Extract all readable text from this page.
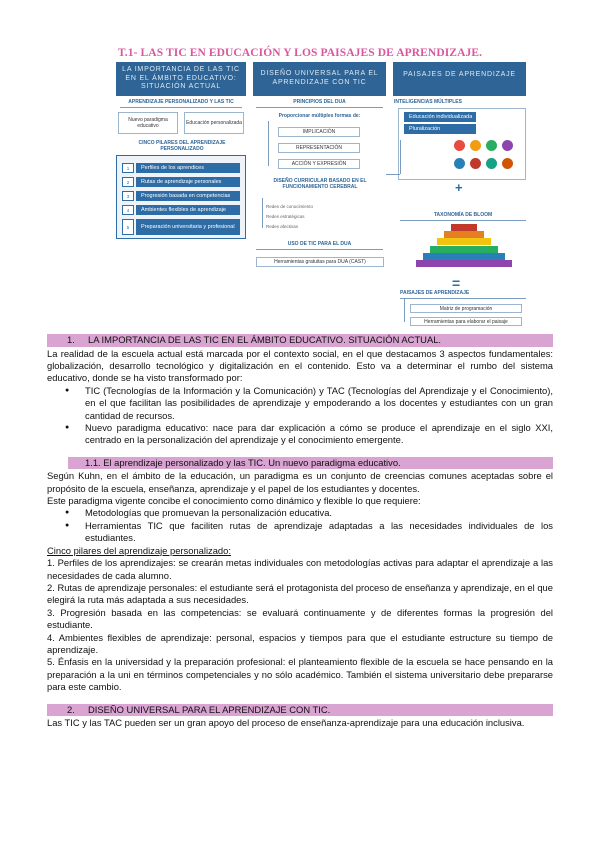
T.1- LAS TIC EN EDUCACIÓN Y LOS PAISAJES DE APRENDIZAJE.
LA IMPORTANCIA DE LAS TIC EN EL ÁMBITO EDUCATIVO: SITUACIÓN ACTUAL
APRENDIZAJE PERSONALIZADO Y LAS TIC
Nuevo paradigma educativo	Educación personalizada
CINCO PILARES DEL APRENDIZAJE PERSONALIZADO
1	Perfiles de los aprendices
2	Rutas de aprendizaje personales
3	Progresión basada en competencias
4	Ambientes flexibles de aprendizaje
5	Preparación universitaria y profesional
DISEÑO UNIVERSAL PARA EL APRENDIZAJE CON TIC
PRINCIPIOS DEL DUA
Proporcionar múltiples formas de:
IMPLICACIÓN
REPRESENTACIÓN
ACCIÓN Y EXPRESIÓN
DISEÑO CURRICULAR BASADO EN EL FUNCIONAMIENTO CEREBRAL
Redes de conocimiento
Redes estratégicas
Redes afectivas
USO DE TIC PARA EL DUA
Herramientas gratuitas para DUA (CAST)
PAISAJES DE APRENDIZAJE
INTELIGENCIAS MÚLTIPLES
Educación individualizada
Pluralización
+
TAXONOMÍA DE BLOOM
=
PAISAJES DE APRENDIZAJE
Matriz de programación
Herramientas para elaborar el paisaje
1. LA IMPORTANCIA DE LAS TIC EN EL ÁMBITO EDUCATIVO. SITUACIÓN ACTUAL.
La realidad de la escuela actual está marcada por el contexto social, en el que destacamos 3 aspectos fundamentales: globalización, desarrollo tecnológico y digitalización en el contenido. Esto va a determinar el rumbo del sistema educativo, donde se ha visto transformado por:
● TIC (Tecnologías de la Información y la Comunicación) y TAC (Tecnologías del Aprendizaje y el Conocimiento), en el que facilitan las posibilidades de aprendizaje y empoderando a los docentes y estudiantes con un gran cantidad de recursos.
● Nuevo paradigma educativo: nace para dar explicación a cómo se produce el aprendizaje en el siglo XXI, centrado en la personalización del aprendizaje y el conocimiento emergente.
1.1. El aprendizaje personalizado y las TIC. Un nuevo paradigma educativo.
Según Kuhn, en el ámbito de la educación, un paradigma es un conjunto de creencias comunes aceptadas sobre el propósito de la escuela, enseñanza, aprendizaje y el papel de los estudiantes y docentes.
Este paradigma vigente concibe el conocimiento como dinámico y flexible lo que requiere:
● Metodologías que promuevan la personalización educativa.
● Herramientas TIC que faciliten rutas de aprendizaje adaptadas a las necesidades individuales de los estudiantes.
Cinco pilares del aprendizaje personalizado:
1. Perfiles de los aprendizajes: se crearán metas individuales con metodologías activas para adaptar el aprendizaje a las necesidades de cada alumno.
2. Rutas de aprendizaje personales: el estudiante será el protagonista del proceso de enseñanza y aprendizaje, en el que elegirá la ruta más adaptada a sus necesidades.
3. Progresión basada en las competencias: se evaluará continuamente y de diferentes formas la progresión del estudiante.
4. Ambientes flexibles de aprendizaje: personal, espacios y tiempos para que el estudiante estructure su tiempo de aprendizaje.
5. Énfasis en la universidad y la preparación profesional: el planteamiento flexible de la escuela se hace pensando en la preparación a la uni en términos competenciales y no sólo académico. También el sistema universitario debe prepararse para este cambio.
2. DISEÑO UNIVERSAL PARA EL APRENDIZAJE CON TIC.
Las TIC y las TAC pueden ser un gran apoyo del proceso de enseñanza-aprendizaje para una educación inclusiva.
